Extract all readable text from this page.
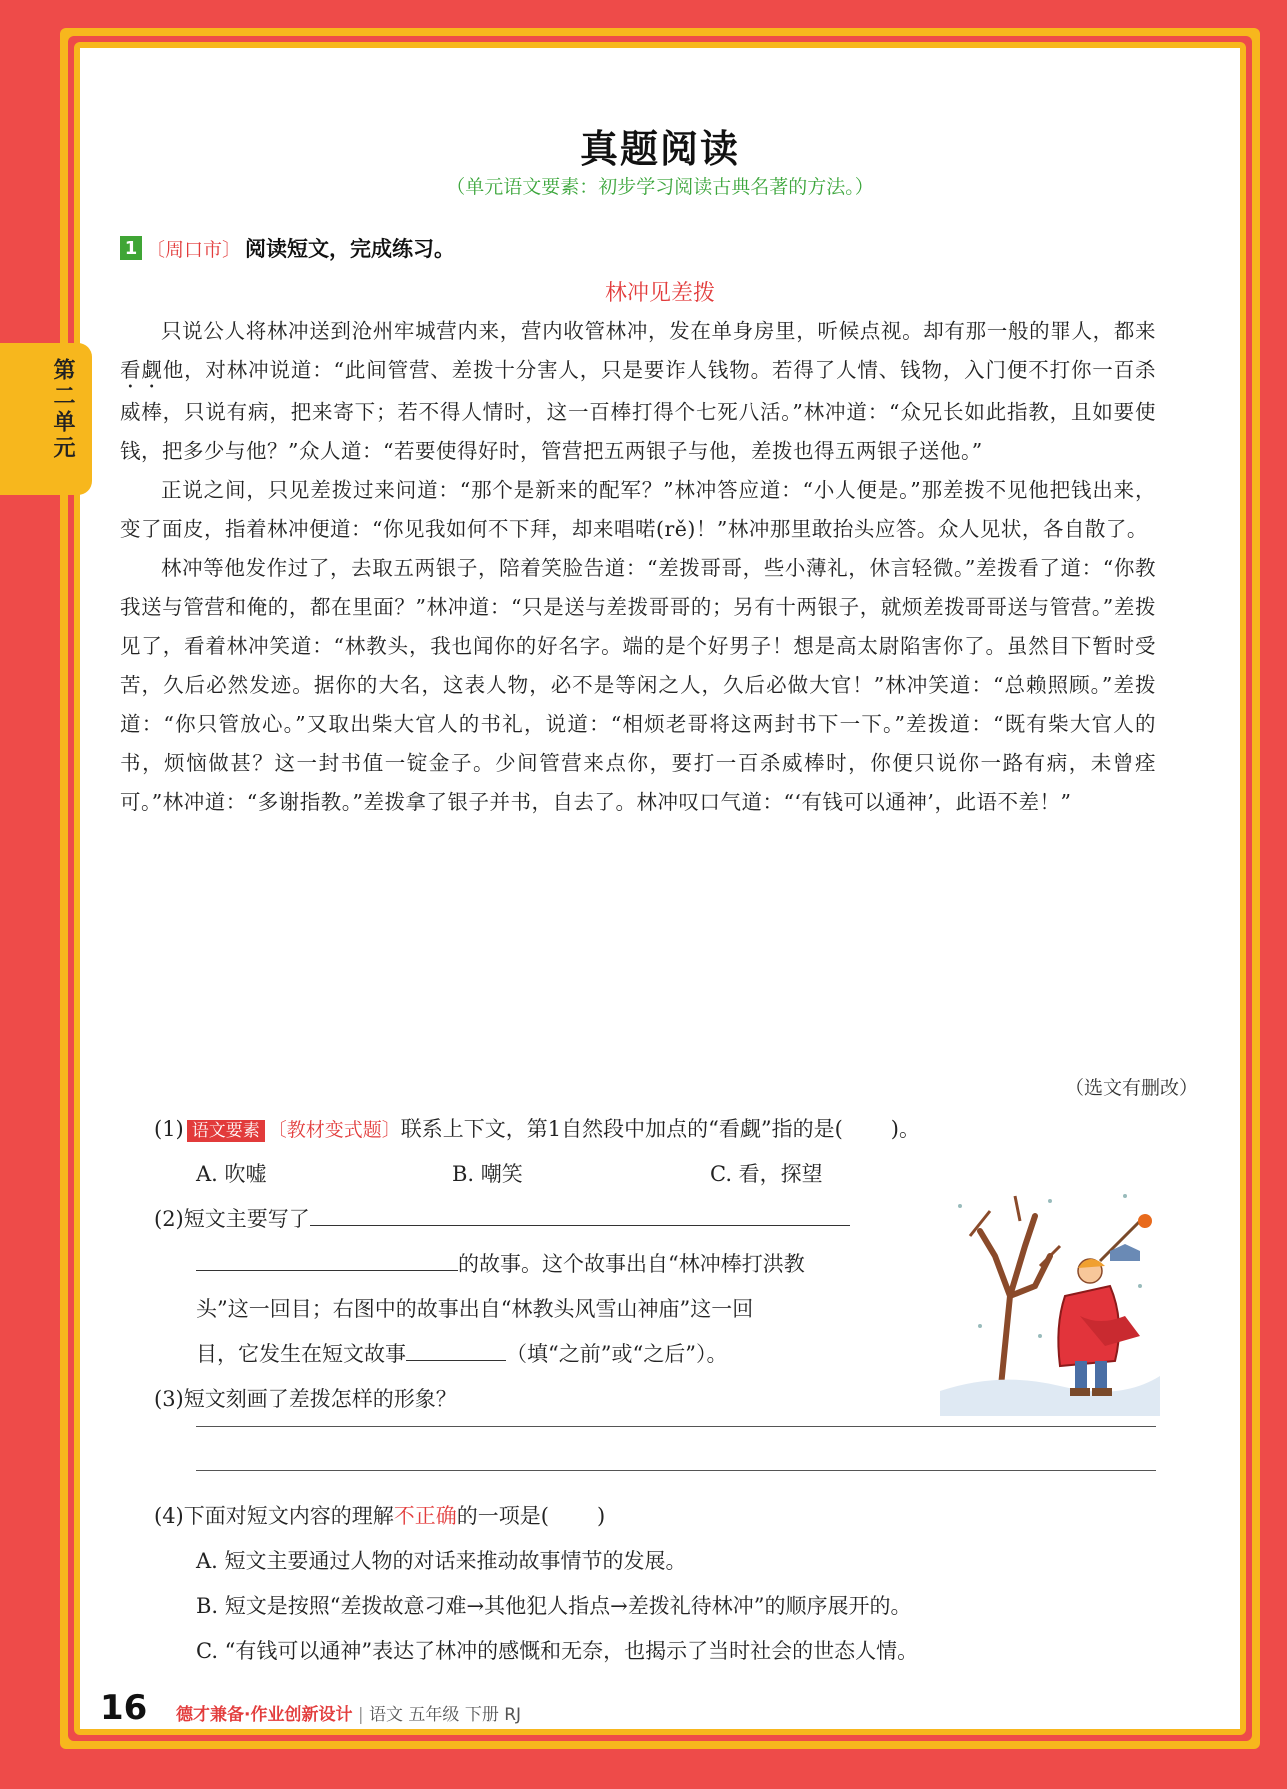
真题阅读
（单元语文要素：初步学习阅读古典名著的方法。）
1 〔周口市〕 阅读短文，完成练习。
林冲见差拨

只说公人将林冲送到沧州牢城营内来，营内收管林冲，发在单身房里，听候点视。却有那一般的罪人，都来看觑他，对林冲说道：“此间管营、差拨十分害人，只是要诈人钱物。若得了人情、钱物，入门便不打你一百杀威棒，只说有病，把来寄下；若不得人情时，这一百棒打得个七死八活。”林冲道：“众兄长如此指教，且如要使钱，把多少与他？”众人道：“若要使得好时，管营把五两银子与他，差拨也得五两银子送他。”

正说之间，只见差拨过来问道：“那个是新来的配军？”林冲答应道：“小人便是。”那差拨不见他把钱出来，变了面皮，指着林冲便道：“你见我如何不下拜，却来唱喏(rě)！”林冲那里敢抬头应答。众人见状，各自散了。

林冲等他发作过了，去取五两银子，陪着笑脸告道：“差拨哥哥，些小薄礼，休言轻微。”差拨看了道：“你教我送与管营和俺的，都在里面？”林冲道：“只是送与差拨哥哥的；另有十两银子，就烦差拨哥哥送与管营。”差拨见了，看着林冲笑道：“林教头，我也闻你的好名字。端的是个好男子！想是高太尉陷害你了。虽然目下暂时受苦，久后必然发迹。据你的大名，这表人物，必不是等闲之人，久后必做大官！”林冲笑道：“总赖照顾。”差拨道：“你只管放心。”又取出柴大官人的书礼，说道：“相烦老哥将这两封书下一下。”差拨道：“既有柴大官人的书，烦恼做甚？这一封书值一锭金子。少间管营来点你，要打一百杀威棒时，你便只说你一路有病，未曾痊可。”林冲道：“多谢指教。”差拨拿了银子并书，自去了。林冲叹口气道：“‘有钱可以通神’，此语不差！”

（选文有删改）
(1) 语文要素 〔教材变式题〕联系上下文，第1自然段中加点的“看觑”指的是( )。
A. 吹嘘	B. 嘲笑	C. 看，探望
(2)短文主要写了
的故事。这个故事出自“林冲棒打洪教
头”这一回目；右图中的故事出自“林教头风雪山神庙”这一回
目，它发生在短文故事	（填“之前”或“之后”）。
(3)短文刻画了差拨怎样的形象？
(4)下面对短文内容的理解不正确的一项是( )
A. 短文主要通过人物的对话来推动故事情节的发展。
B. 短文是按照“差拨故意刁难→其他犯人指点→差拨礼待林冲”的顺序展开的。
C. “有钱可以通神”表达了林冲的感慨和无奈，也揭示了当时社会的世态人情。
16 德才兼备·作业创新设计 | 语文 五年级 下册 RJ
第二单元
